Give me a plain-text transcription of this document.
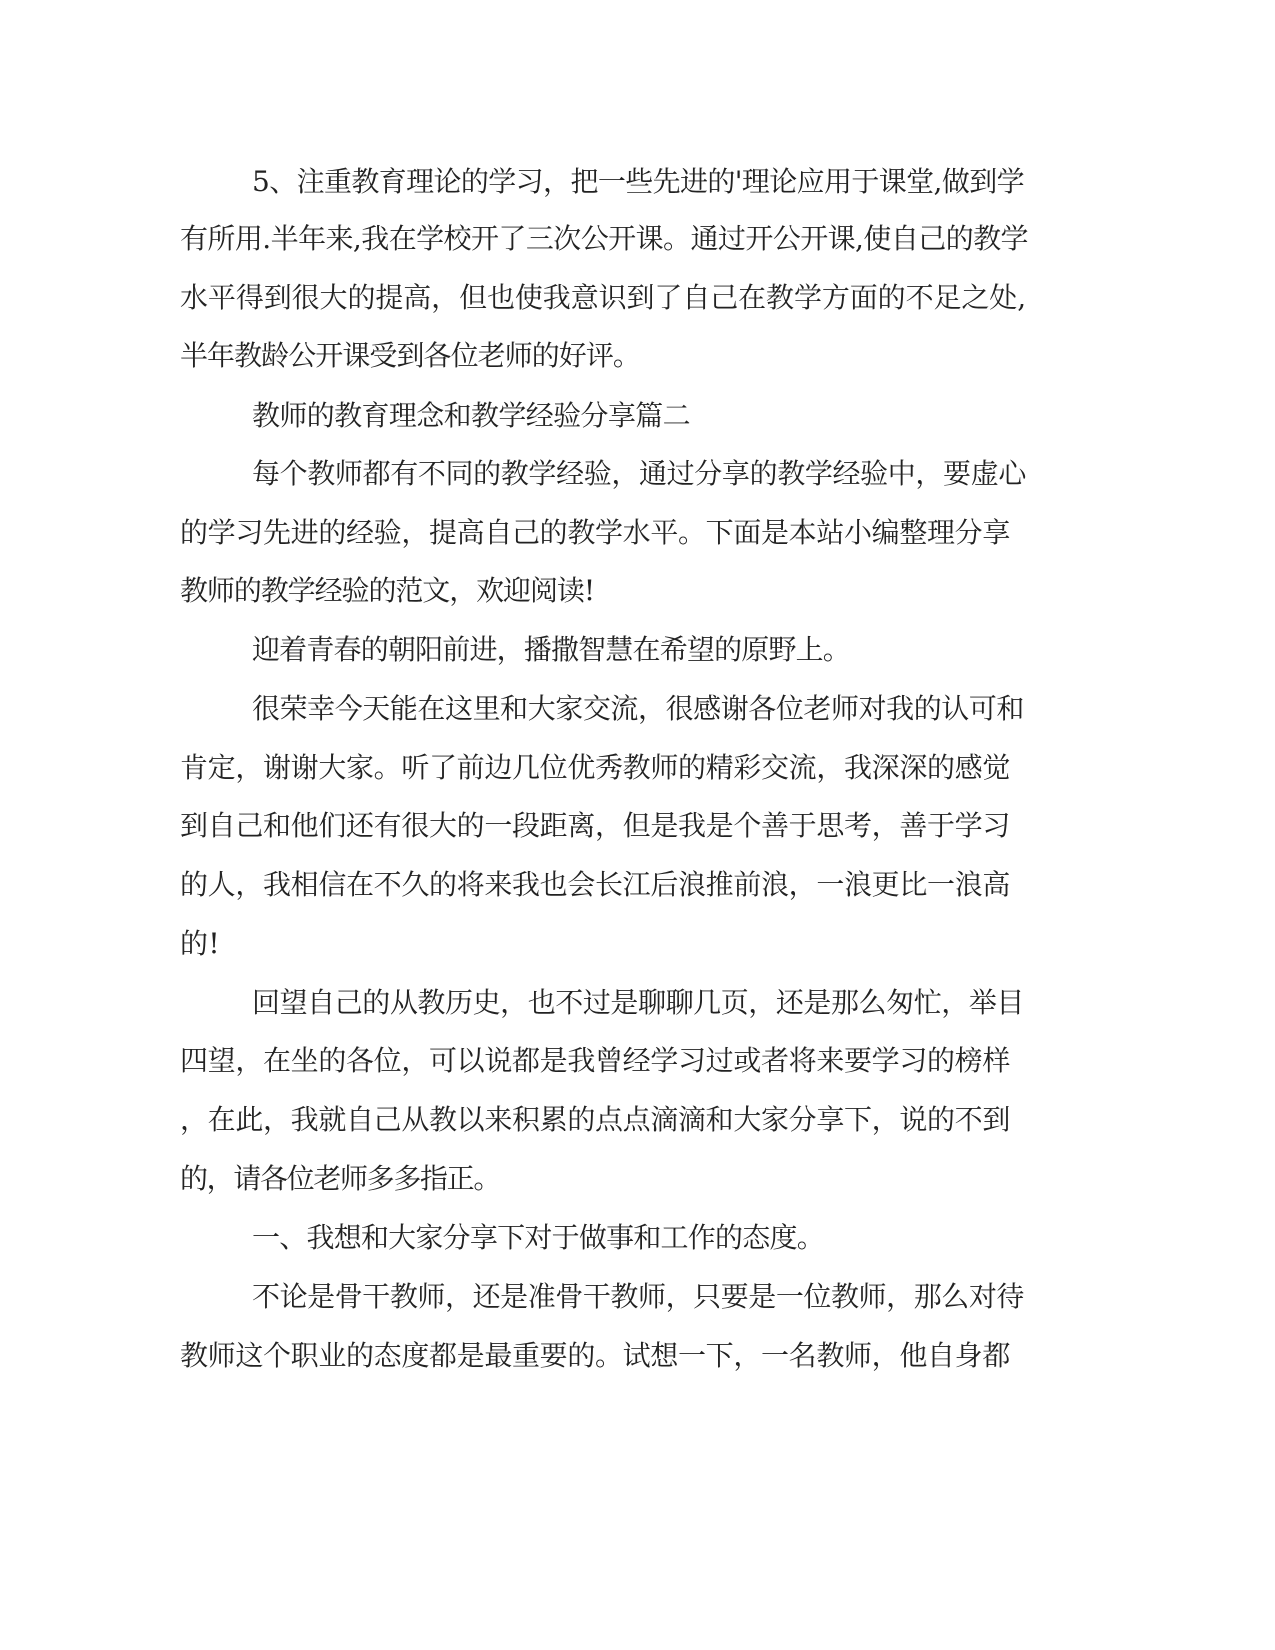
5、注重教育理论的学习，把一些先进的'理论应用于课堂,做到学
有所用.半年来,我在学校开了三次公开课。通过开公开课,使自己的教学
水平得到很大的提高，但也使我意识到了自己在教学方面的不足之处,
半年教龄公开课受到各位老师的好评。
教师的教育理念和教学经验分享篇二
每个教师都有不同的教学经验，通过分享的教学经验中，要虚心
的学习先进的经验，提高自己的教学水平。下面是本站小编整理分享
教师的教学经验的范文，欢迎阅读!
迎着青春的朝阳前进，播撒智慧在希望的原野上。
很荣幸今天能在这里和大家交流，很感谢各位老师对我的认可和
肯定，谢谢大家。听了前边几位优秀教师的精彩交流，我深深的感觉
到自己和他们还有很大的一段距离，但是我是个善于思考，善于学习
的人，我相信在不久的将来我也会长江后浪推前浪，一浪更比一浪高
的!
回望自己的从教历史，也不过是聊聊几页，还是那么匆忙，举目
四望，在坐的各位，可以说都是我曾经学习过或者将来要学习的榜样
，在此，我就自己从教以来积累的点点滴滴和大家分享下，说的不到
的，请各位老师多多指正。
一、我想和大家分享下对于做事和工作的态度。
不论是骨干教师，还是准骨干教师，只要是一位教师，那么对待
教师这个职业的态度都是最重要的。试想一下，一名教师，他自身都
